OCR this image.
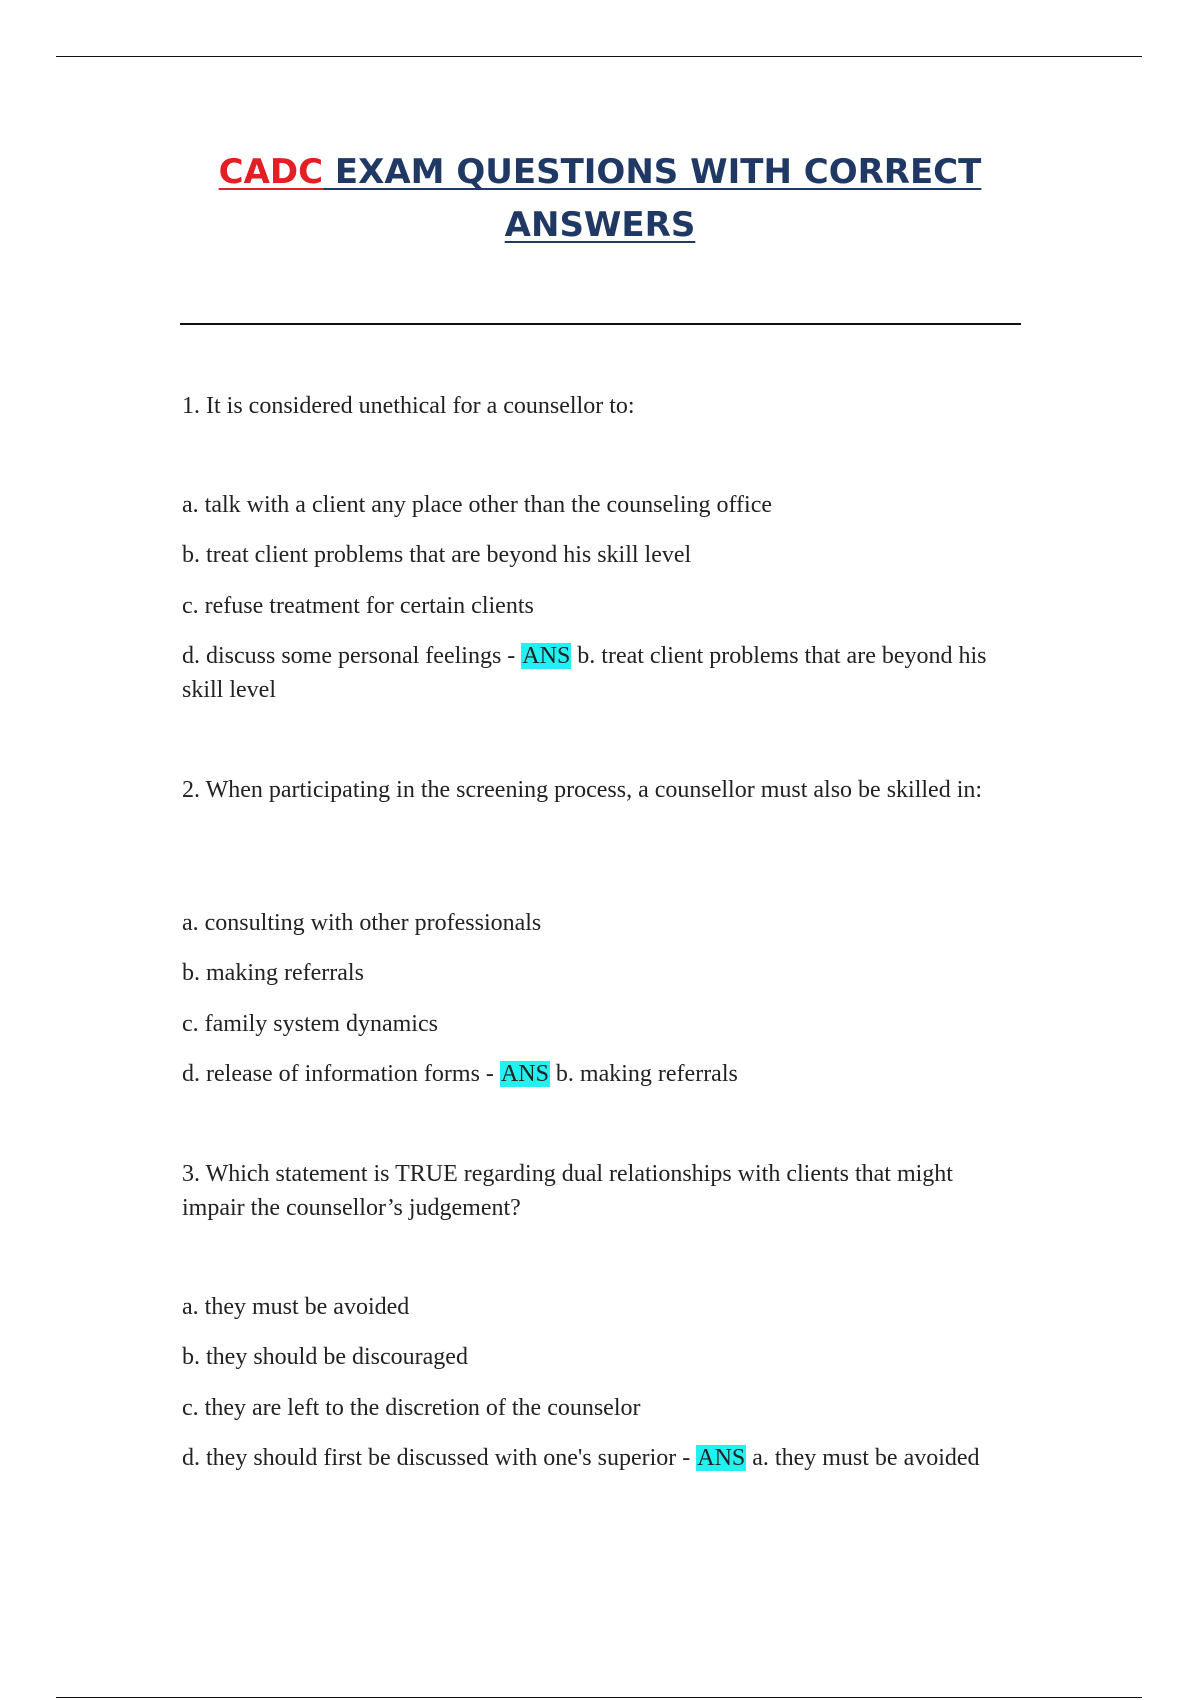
CADC EXAM QUESTIONS WITH CORRECT ANSWERS
1. It is considered unethical for a counsellor to:
a. talk with a client any place other than the counseling office
b. treat client problems that are beyond his skill level
c. refuse treatment for certain clients
d. discuss some personal feelings - ANS b. treat client problems that are beyond his skill level
2. When participating in the screening process, a counsellor must also be skilled in:
a. consulting with other professionals
b. making referrals
c. family system dynamics
d. release of information forms - ANS b. making referrals
3. Which statement is TRUE regarding dual relationships with clients that might impair the counsellor’s judgement?
a. they must be avoided
b. they should be discouraged
c. they are left to the discretion of the counselor
d. they should first be discussed with one's superior - ANS a. they must be avoided
